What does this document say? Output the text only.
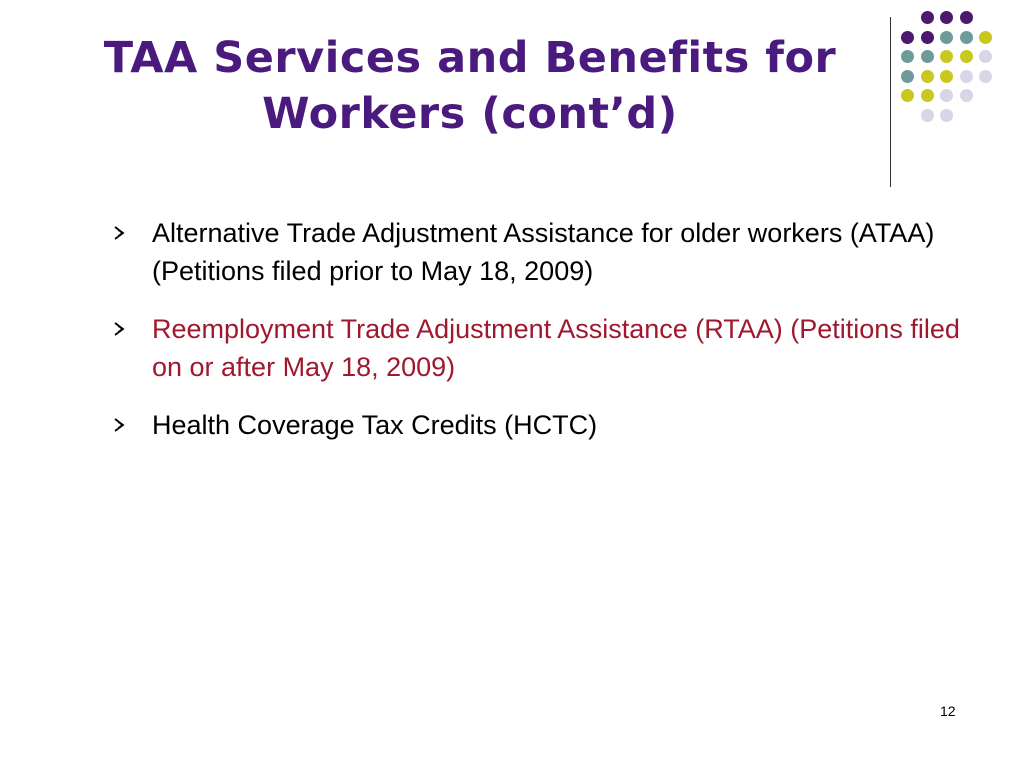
TAA Services and Benefits for
Workers (cont’d)
Alternative Trade Adjustment Assistance for older workers (ATAA) (Petitions filed prior to May 18, 2009)
Reemployment Trade Adjustment Assistance (RTAA) (Petitions filed on or after May 18, 2009)
Health Coverage Tax Credits (HCTC)
12
